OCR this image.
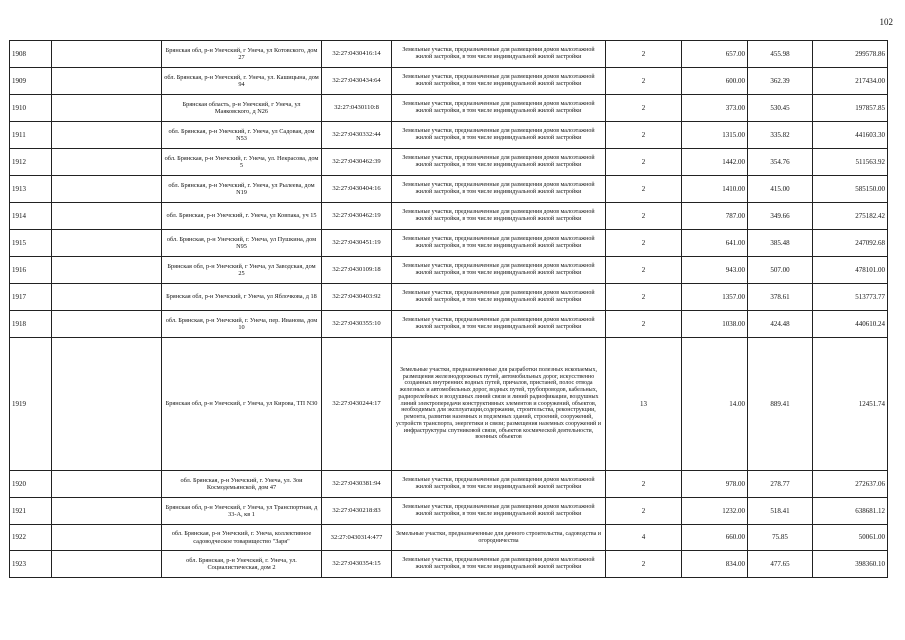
102
1908		Брянская обл, р-н Унечский, г Унеча, ул Котовского, дом 27	32:27:0430416:14	Земельные участки, предназначенные для размещения домов малоэтажной жилой застройки, в том числе индивидуальной жилой застройки	2	657.00	455.98	299578.86
1909		обл. Брянская, р-н Унечский, г. Унеча, ул. Кашицына, дом 94	32:27:0430434:64	Земельные участки, предназначенные для размещения домов малоэтажной жилой застройки, в том числе индивидуальной жилой застройки	2	600.00	362.39	217434.00
1910		Брянская область, р-н Унечский, г Унеча, ул Маяковского, д N26	32:27:0430110:8	Земельные участки, предназначенные для размещения домов малоэтажной жилой застройки, в том числе индивидуальной жилой застройки	2	373.00	530.45	197857.85
1911		обл. Брянская, р-н Унечский, г. Унеча, ул Садовая, дом N53	32:27:0430332:44	Земельные участки, предназначенные для размещения домов малоэтажной жилой застройки, в том числе индивидуальной жилой застройки	2	1315.00	335.82	441603.30
1912		обл. Брянская, р-н Унечский, г. Унеча, ул. Некрасова, дом 5	32:27:0430462:39	Земельные участки, предназначенные для размещения домов малоэтажной жилой застройки, в том числе индивидуальной жилой застройки	2	1442.00	354.76	511563.92
1913		обл. Брянская, р-н Унечский, г. Унеча, ул Рылеева, дом N19	32:27:0430404:16	Земельные участки, предназначенные для размещения домов малоэтажной жилой застройки, в том числе индивидуальной жилой застройки	2	1410.00	415.00	585150.00
1914		обл. Брянская, р-н Унечский, г. Унеча, ул Ковпака, уч 15	32:27:0430462:19	Земельные участки, предназначенные для размещения домов малоэтажной жилой застройки, в том числе индивидуальной жилой застройки	2	787.00	349.66	275182.42
1915		обл. Брянская, р-н Унечский, г. Унеча, ул Пушкина, дом N95	32:27:0430451:19	Земельные участки, предназначенные для размещения домов малоэтажной жилой застройки, в том числе индивидуальной жилой застройки	2	641.00	385.48	247092.68
1916		Брянская обл, р-н Унечский, г Унеча, ул Заводская, дом 25	32:27:0430109:18	Земельные участки, предназначенные для размещения домов малоэтажной жилой застройки, в том числе индивидуальной жилой застройки	2	943.00	507.00	478101.00
1917		Брянская обл, р-н Унечский, г Унеча, ул Яблочкова, д 18	32:27:0430403:92	Земельные участки, предназначенные для размещения домов малоэтажной жилой застройки, в том числе индивидуальной жилой застройки	2	1357.00	378.61	513773.77
1918		обл. Брянская, р-н Унечский, г. Унеча, пер. Иванова, дом 10	32:27:0430355:10	Земельные участки, предназначенные для размещения домов малоэтажной жилой застройки, в том числе индивидуальной жилой застройки	2	1038.00	424.48	440610.24
1919		Брянская обл, р-н Унечский, г Унеча, ул Кирова, ТП N30	32:27:0430244:17	Земельные участки, предназначенные для разработки полезных ископаемых, размещения железнодорожных путей, автомобильных дорог, искусственно созданных внутренних водных путей, причалов, пристаней, полос отвода железных и автомобильных дорог, водных путей, трубопроводов, кабельных, радиорелейных и воздушных линий связи и линий радиофикации, воздушных линий электропередачи конструктивных элементов и сооружений, объектов, необходимых для эксплуатации,содержания, строительства, реконструкции, ремонта, развития наземных и подземных зданий, строений, сооружений, устройств транспорта, энергетики и связи; размещения наземных сооружений и инфраструктуры спутниковой связи, объектов космической деятельности, военных объектов	13	14.00	889.41	12451.74
1920		обл. Брянская, р-н Унечский, г. Унеча, ул. Зои Космодемьянской, дом 47	32:27:0430381:94	Земельные участки, предназначенные для размещения домов малоэтажной жилой застройки, в том числе индивидуальной жилой застройки	2	978.00	278.77	272637.06
1921		Брянская обл, р-н Унечский, г Унеча, ул Транспортная, д 33-А, кв 1	32:27:0430218:83	Земельные участки, предназначенные для размещения домов малоэтажной жилой застройки, в том числе индивидуальной жилой застройки	2	1232.00	518.41	638681.12
1922		обл. Брянская, р-н Унечский, г. Унеча, коллективное садоводческое товарищество "Заря"	32:27:0430314:477	Земельные участки, предназначенные для дачного строительства, садоводства и огородничества	4	660.00	75.85	50061.00
1923		обл. Брянская, р-н Унечский, г. Унеча, ул. Социалистическая, дом 2	32:27:0430354:15	Земельные участки, предназначенные для размещения домов малоэтажной жилой застройки, в том числе индивидуальной жилой застройки	2	834.00	477.65	398360.10
